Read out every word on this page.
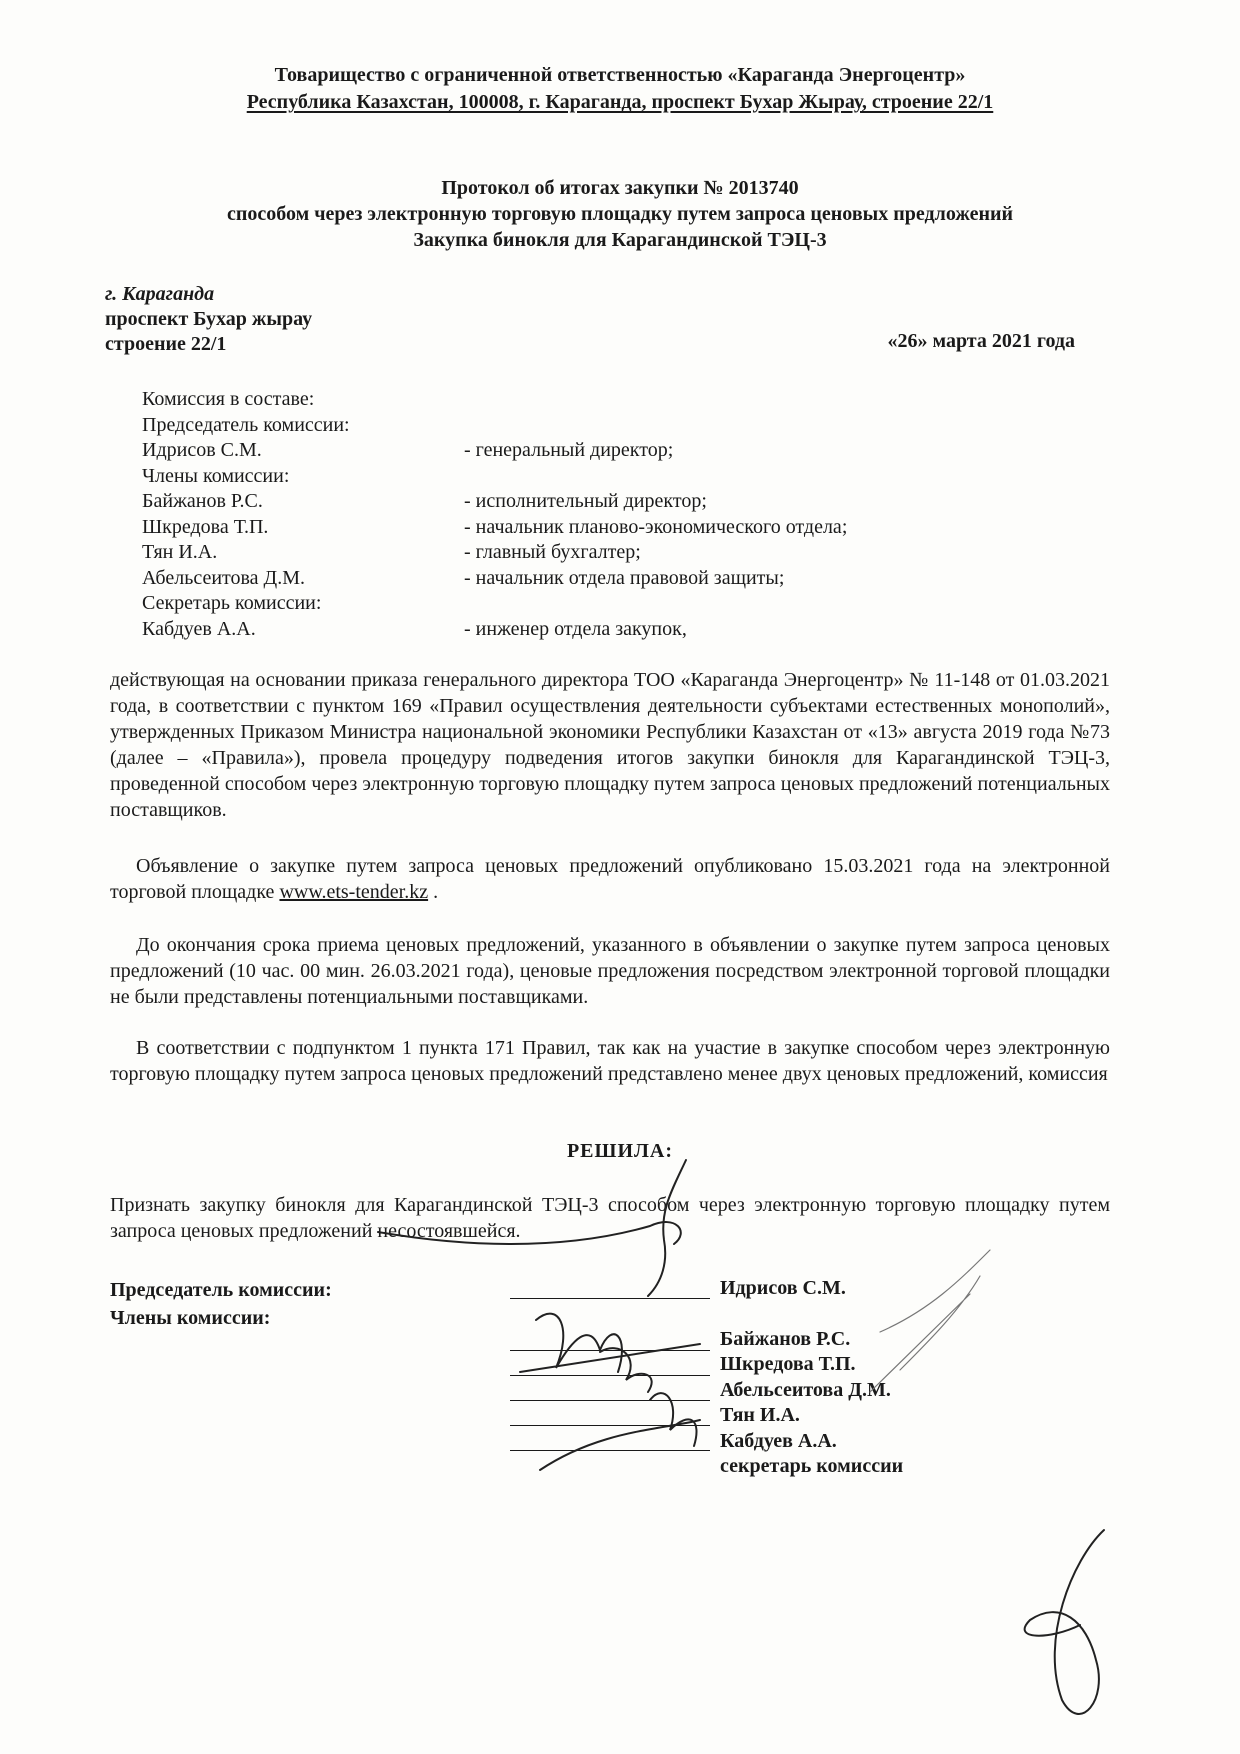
Товарищество с ограниченной ответственностью «Караганда Энергоцентр»
Республика Казахстан, 100008, г. Караганда, проспект Бухар Жырау, строение 22/1
Протокол об итогах закупки № 2013740
способом через электронную торговую площадку путем запроса ценовых предложений
Закупка бинокля для Карагандинской ТЭЦ-3
г. Караганда
проспект Бухар жырау
строение 22/1	«26» марта 2021 года
Комиссия в составе:
Председатель комиссии:
Идрисов С.М.	- генеральный директор;
Члены комиссии:
Байжанов Р.С.	- исполнительный директор;
Шкредова Т.П.	- начальник планово-экономического отдела;
Тян И.А.	- главный бухгалтер;
Абельсеитова Д.М.	- начальник отдела правовой защиты;
Секретарь комиссии:
Кабдуев А.А.	- инженер отдела закупок,
действующая на основании приказа генерального директора ТОО «Караганда Энергоцентр» № 11-148 от 01.03.2021 года, в соответствии с пунктом 169 «Правил осуществления деятельности субъектами естественных монополий», утвержденных Приказом Министра национальной экономики Республики Казахстан от «13» августа 2019 года №73 (далее – «Правила»), провела процедуру подведения итогов закупки бинокля для Карагандинской ТЭЦ-3, проведенной способом через электронную торговую площадку путем запроса ценовых предложений потенциальных поставщиков.
Объявление о закупке путем запроса ценовых предложений опубликовано 15.03.2021 года на электронной торговой площадке www.ets-tender.kz .
До окончания срока приема ценовых предложений, указанного в объявлении о закупке путем запроса ценовых предложений (10 час. 00 мин. 26.03.2021 года), ценовые предложения посредством электронной торговой площадки не были представлены потенциальными поставщиками.
В соответствии с подпунктом 1 пункта 171 Правил, так как на участие в закупке способом через электронную торговую площадку путем запроса ценовых предложений представлено менее двух ценовых предложений, комиссия
РЕШИЛА:
Признать закупку бинокля для Карагандинской ТЭЦ-3 способом через электронную торговую площадку путем запроса ценовых предложений несостоявшейся.
Председатель комиссии:
Члены комиссии:
Идрисов С.М.
Байжанов Р.С.
Шкредова Т.П.
Абельсеитова Д.М.
Тян И.А.
Кабдуев А.А.
секретарь комиссии
